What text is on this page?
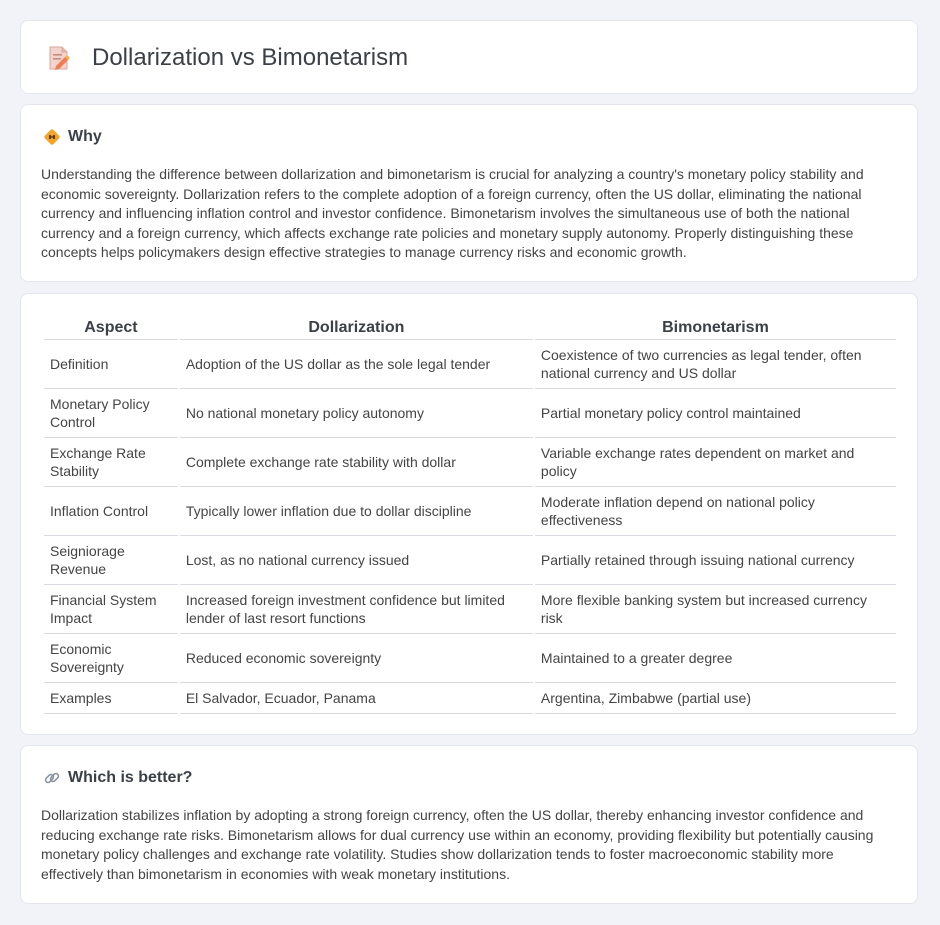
Dollarization vs Bimonetarism
Why

Understanding the difference between dollarization and bimonetarism is crucial for analyzing a country's monetary policy stability and economic sovereignty. Dollarization refers to the complete adoption of a foreign currency, often the US dollar, eliminating the national currency and influencing inflation control and investor confidence. Bimonetarism involves the simultaneous use of both the national currency and a foreign currency, which affects exchange rate policies and monetary supply autonomy. Properly distinguishing these concepts helps policymakers design effective strategies to manage currency risks and economic growth.

Aspect	Dollarization	Bimonetarism
Definition	Adoption of the US dollar as the sole legal tender	Coexistence of two currencies as legal tender, often national currency and US dollar
Monetary Policy Control	No national monetary policy autonomy	Partial monetary policy control maintained
Exchange Rate Stability	Complete exchange rate stability with dollar	Variable exchange rates dependent on market and policy
Inflation Control	Typically lower inflation due to dollar discipline	Moderate inflation depend on national policy effectiveness
Seigniorage Revenue	Lost, as no national currency issued	Partially retained through issuing national currency
Financial System Impact	Increased foreign investment confidence but limited lender of last resort functions	More flexible banking system but increased currency risk
Economic Sovereignty	Reduced economic sovereignty	Maintained to a greater degree
Examples	El Salvador, Ecuador, Panama	Argentina, Zimbabwe (partial use)
Which is better?

Dollarization stabilizes inflation by adopting a strong foreign currency, often the US dollar, thereby enhancing investor confidence and reducing exchange rate risks. Bimonetarism allows for dual currency use within an economy, providing flexibility but potentially causing monetary policy challenges and exchange rate volatility. Studies show dollarization tends to foster macroeconomic stability more effectively than bimonetarism in economies with weak monetary institutions.
